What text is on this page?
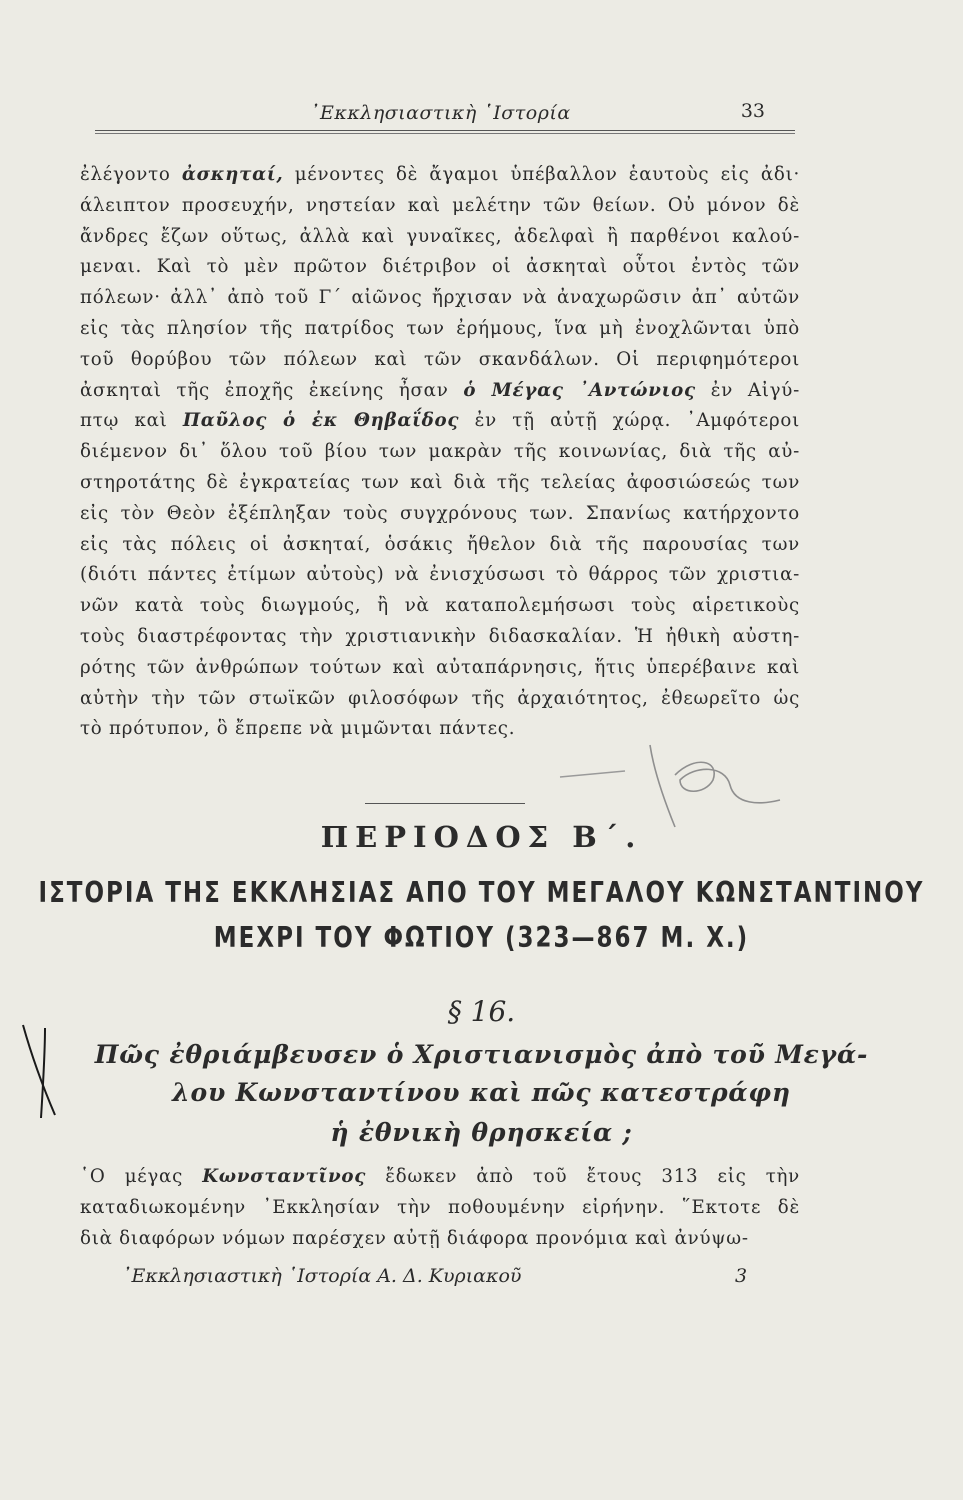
᾿Εκκλησιαστικὴ ῾Ιστορία	33
ἐλέγοντο ἀσκηταί, μένοντες δὲ ἄγαμοι ὑπέβαλλον ἑαυτοὺς εἰς ἀδι·
άλειπτον προσευχήν, νηστείαν καὶ μελέτην τῶν θείων. Οὐ μόνον δὲ
ἄνδρες ἔζων οὕτως, ἀλλὰ καὶ γυναῖκες, ἀδελφαὶ ἢ παρθένοι καλού-
μεναι. Καὶ τὸ μὲν πρῶτον διέτριβον οἱ ἀσκηταὶ οὗτοι ἐντὸς τῶν
πόλεων· ἀλλ᾿ ἀπὸ τοῦ Γ΄ αἰῶνος ἤρχισαν νὰ ἀναχωρῶσιν ἀπ᾿ αὐτῶν
εἰς τὰς πλησίον τῆς πατρίδος των ἐρήμους, ἵνα μὴ ἐνοχλῶνται ὑπὸ
τοῦ θορύβου τῶν πόλεων καὶ τῶν σκανδάλων. Οἱ περιφημότεροι
ἀσκηταὶ τῆς ἐποχῆς ἐκείνης ἦσαν ὁ Μέγας ᾿Αντώνιος ἐν Αἰγύ-
πτῳ καὶ Παῦλος ὁ ἐκ Θηβαΐδος ἐν τῇ αὐτῇ χώρᾳ. ᾿Αμφότεροι
διέμενον δι᾿ ὅλου τοῦ βίου των μακρὰν τῆς κοινωνίας, διὰ τῆς αὐ-
στηροτάτης δὲ ἐγκρατείας των καὶ διὰ τῆς τελείας ἀφοσιώσεώς των
εἰς τὸν Θεὸν ἐξέπληξαν τοὺς συγχρόνους των. Σπανίως κατήρχοντο
εἰς τὰς πόλεις οἱ ἀσκηταί, ὁσάκις ἤθελον διὰ τῆς παρουσίας των
(διότι πάντες ἐτίμων αὐτοὺς) νὰ ἐνισχύσωσι τὸ θάρρος τῶν χριστια-
νῶν κατὰ τοὺς διωγμούς, ἢ νὰ καταπολεμήσωσι τοὺς αἱρετικοὺς
τοὺς διαστρέφοντας τὴν χριστιανικὴν διδασκαλίαν. Ἡ ἠθικὴ αὐστη-
ρότης τῶν ἀνθρώπων τούτων καὶ αὐταπάρνησις, ἥτις ὑπερέβαινε καὶ
αὐτὴν τὴν τῶν στωϊκῶν φιλοσόφων τῆς ἀρχαιότητος, ἐθεωρεῖτο ὡς
τὸ πρότυπον, ὃ ἔπρεπε νὰ μιμῶνται πάντες.
ΠΕΡΙΟΔΟΣ Β΄.
ΙΣΤΟΡΙΑ ΤΗΣ ΕΚΚΛΗΣΙΑΣ ΑΠΟ ΤΟΥ ΜΕΓΑΛΟΥ ΚΩΝΣΤΑΝΤΙΝΟΥ
ΜΕΧΡΙ ΤΟΥ ΦΩΤΙΟΥ (323—867 Μ. Χ.)
§ 16.
Πῶς ἐθριάμβευσεν ὁ Χριστιανισμὸς ἀπὸ τοῦ Μεγά-
λου Κωνσταντίνου καὶ πῶς κατεστράφη
ἡ ἐθνικὴ θρησκεία ;
῾Ο μέγας Κωνσταντῖνος ἔδωκεν ἀπὸ τοῦ ἔτους 313 εἰς τὴν
καταδιωκομένην ᾿Εκκλησίαν τὴν ποθουμένην εἰρήνην. ῞Εκτοτε δὲ
διὰ διαφόρων νόμων παρέσχεν αὐτῇ διάφορα προνόμια καὶ ἀνύψω-
᾿Εκκλησιαστικὴ ῾Ιστορία Α. Δ. Κυριακοῦ	3
